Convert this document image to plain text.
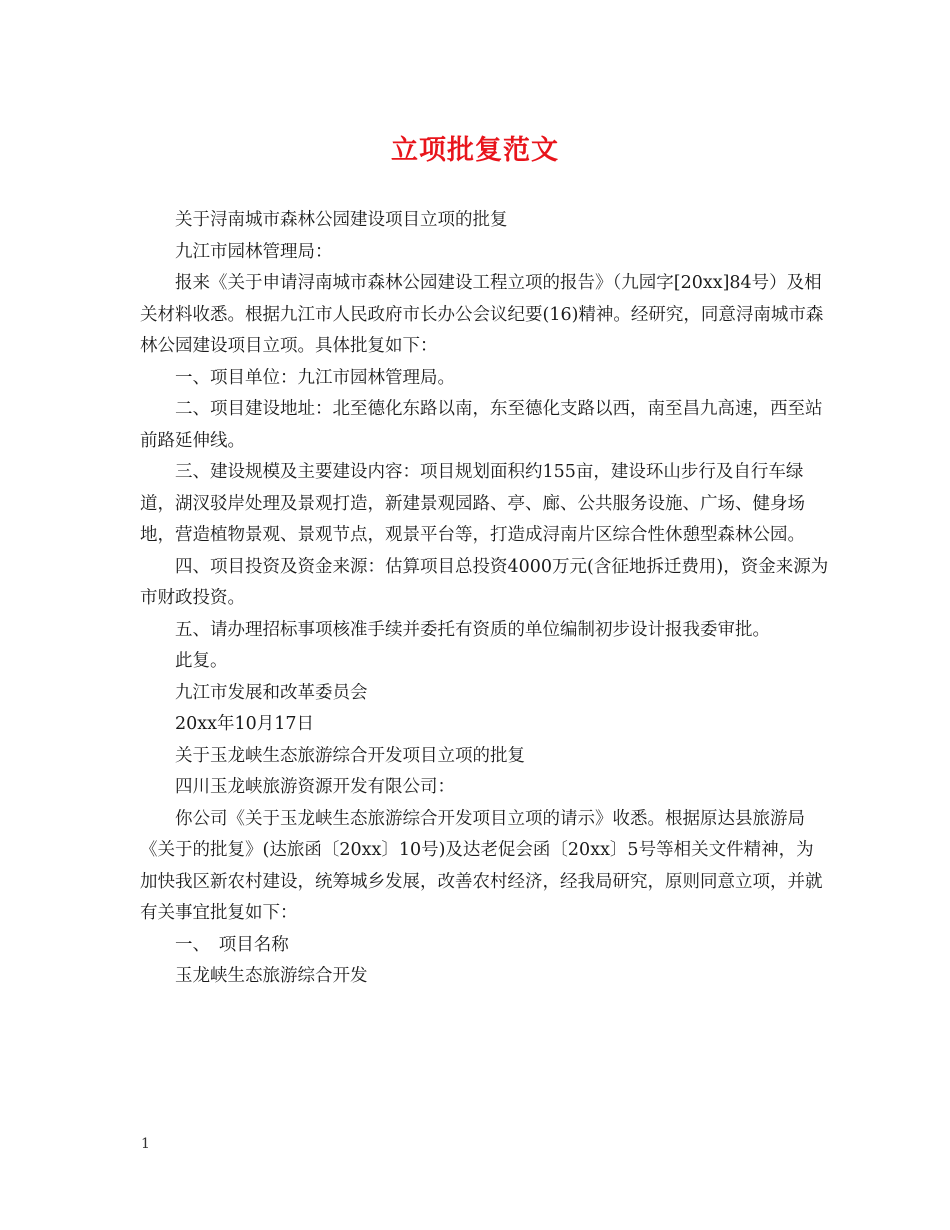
立项批复范文

关于浔南城市森林公园建设项目立项的批复

九江市园林管理局：

报来《关于申请浔南城市森林公园建设工程立项的报告》（九园字[20xx]84号）及相关材料收悉。根据九江市人民政府市长办公会议纪要(16)精神。经研究，同意浔南城市森林公园建设项目立项。具体批复如下：

一、项目单位：九江市园林管理局。

二、项目建设地址：北至德化东路以南，东至德化支路以西，南至昌九高速，西至站前路延伸线。

三、建设规模及主要建设内容：项目规划面积约155亩，建设环山步行及自行车绿道，湖汊驳岸处理及景观打造，新建景观园路、亭、廊、公共服务设施、广场、健身场地，营造植物景观、景观节点，观景平台等，打造成浔南片区综合性休憩型森林公园。

四、项目投资及资金来源：估算项目总投资4000万元(含征地拆迁费用)，资金来源为市财政投资。

五、请办理招标事项核准手续并委托有资质的单位编制初步设计报我委审批。

此复。

九江市发展和改革委员会

20xx年10月17日

关于玉龙峡生态旅游综合开发项目立项的批复

四川玉龙峡旅游资源开发有限公司：

你公司《关于玉龙峡生态旅游综合开发项目立项的请示》收悉。根据原达县旅游局《关于的批复》(达旅函〔20xx〕10号)及达老促会函〔20xx〕5号等相关文件精神，为加快我区新农村建设，统筹城乡发展，改善农村经济，经我局研究，原则同意立项，并就有关事宜批复如下：

一、　项目名称

玉龙峡生态旅游综合开发

1
